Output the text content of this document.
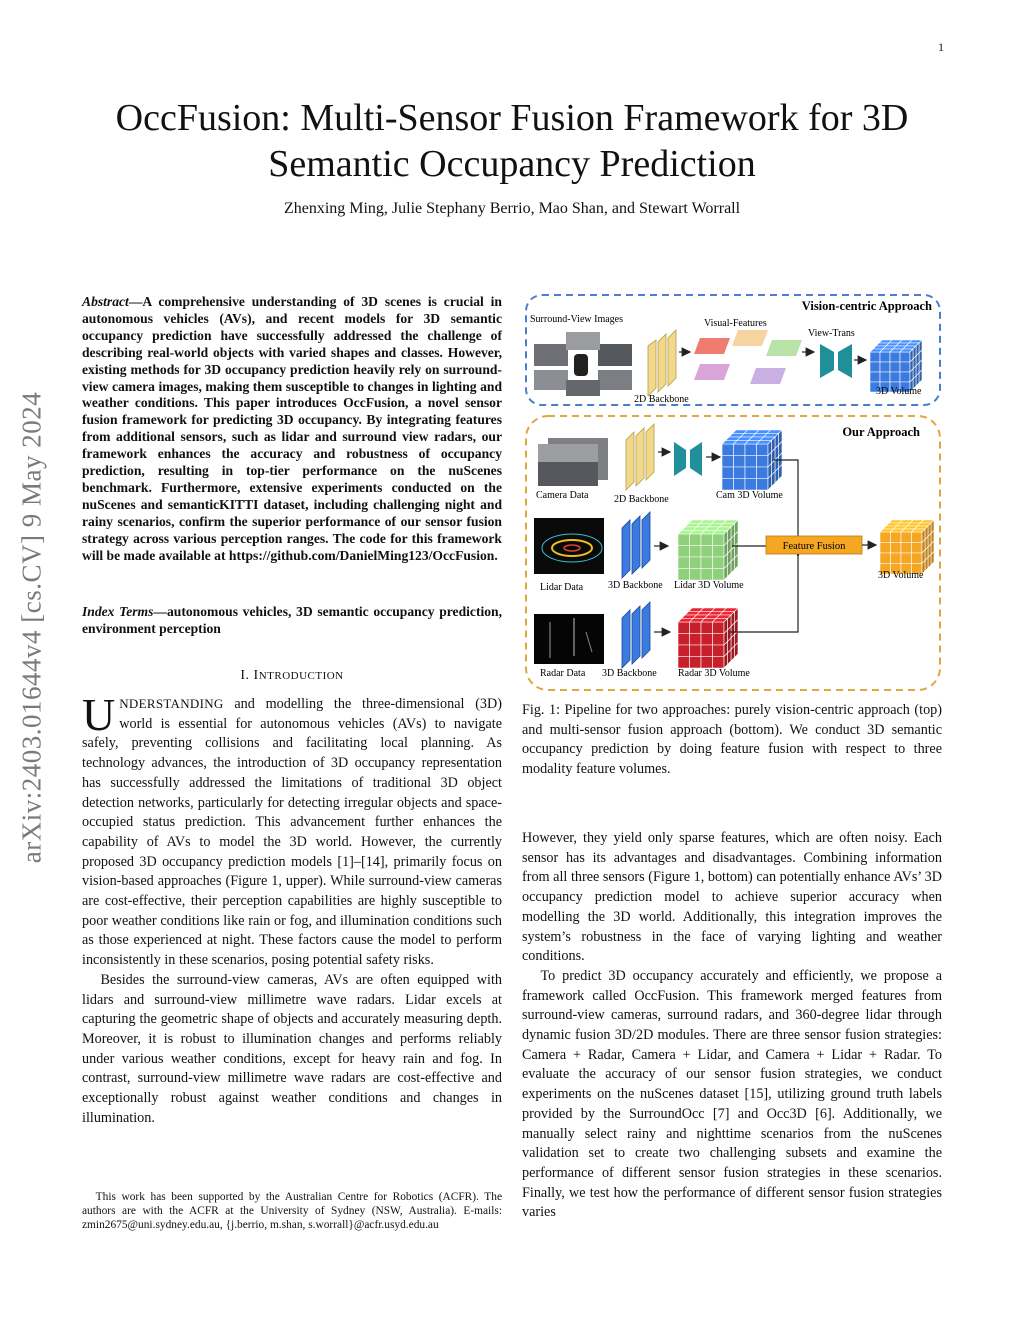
1
arXiv:2403.01644v4 [cs.CV] 9 May 2024
OccFusion: Multi-Sensor Fusion Framework for 3D
Semantic Occupancy Prediction
Zhenxing Ming, Julie Stephany Berrio, Mao Shan, and Stewart Worrall
Abstract—A comprehensive understanding of 3D scenes is crucial in autonomous vehicles (AVs), and recent models for 3D semantic occupancy prediction have successfully addressed the challenge of describing real-world objects with varied shapes and classes. However, existing methods for 3D occupancy prediction heavily rely on surround-view camera images, making them susceptible to changes in lighting and weather conditions. This paper introduces OccFusion, a novel sensor fusion framework for predicting 3D occupancy. By integrating features from additional sensors, such as lidar and surround view radars, our framework enhances the accuracy and robustness of occupancy prediction, resulting in top-tier performance on the nuScenes benchmark. Furthermore, extensive experiments conducted on the nuScenes and semanticKITTI dataset, including challenging night and rainy scenarios, confirm the superior performance of our sensor fusion strategy across various perception ranges. The code for this framework will be made available at https://github.com/DanielMing123/OccFusion.
Index Terms—autonomous vehicles, 3D semantic occupancy prediction, environment perception
I. INTRODUCTION

UNDERSTANDING and modelling the three-dimensional (3D) world is essential for autonomous vehicles (AVs) to navigate safely, preventing collisions and facilitating local planning. As technology advances, the introduction of 3D occupancy representation has successfully addressed the limitations of traditional 3D object detection networks, particularly for detecting irregular objects and space-occupied status prediction. This advancement further enhances the capability of AVs to model the 3D world. However, the currently proposed 3D occupancy prediction models [1]–[14], primarily focus on vision-based approaches (Figure 1, upper). While surround-view cameras are cost-effective, their perception capabilities are highly susceptible to poor weather conditions like rain or fog, and illumination conditions such as those experienced at night. These factors cause the model to perform inconsistently in these scenarios, posing potential safety risks.

Besides the surround-view cameras, AVs are often equipped with lidars and surround-view millimetre wave radars. Lidar excels at capturing the geometric shape of objects and accurately measuring depth. Moreover, it is robust to illumination changes and performs reliably under various weather conditions, except for heavy rain and fog. In contrast, surround-view millimetre wave radars are cost-effective and exceptionally robust against weather conditions and changes in illumination.

This work has been supported by the Australian Centre for Robotics (ACFR). The authors are with the ACFR at the University of Sydney (NSW, Australia). E-mails: zmin2675@uni.sydney.edu.au, {j.berrio, m.shan, s.worrall}@acfr.usyd.edu.au

Vision-centric Approach
Surround-View Images
2D Backbone
Visual-Features
View-Trans
3D Volume
Our Approach
Camera Data	2D Backbone	Cam 3D Volume
Lidar Data 3D Backbone Lidar 3D Volume
Radar Data 3D Backbone Radar 3D Volume
Feature Fusion
3D Volume
Fig. 1: Pipeline for two approaches: purely vision-centric approach (top) and multi-sensor fusion approach (bottom). We conduct 3D semantic occupancy prediction by doing feature fusion with respect to three modality feature volumes.

However, they yield only sparse features, which are often noisy. Each sensor has its advantages and disadvantages. Combining information from all three sensors (Figure 1, bottom) can potentially enhance AVs’ 3D occupancy prediction model to achieve superior accuracy when modelling the 3D world. Additionally, this integration improves the system’s robustness in the face of varying lighting and weather conditions.

To predict 3D occupancy accurately and efficiently, we propose a framework called OccFusion. This framework merged features from surround-view cameras, surround radars, and 360-degree lidar through dynamic fusion 3D/2D modules. There are three sensor fusion strategies: Camera + Radar, Camera + Lidar, and Camera + Lidar + Radar. To evaluate the accuracy of our sensor fusion strategies, we conduct experiments on the nuScenes dataset [15], utilizing ground truth labels provided by the SurroundOcc [7] and Occ3D [6]. Additionally, we manually select rainy and nighttime scenarios from the nuScenes validation set to create two challenging subsets and examine the performance of different sensor fusion strategies in these scenarios. Finally, we test how the performance of different sensor fusion strategies varies
